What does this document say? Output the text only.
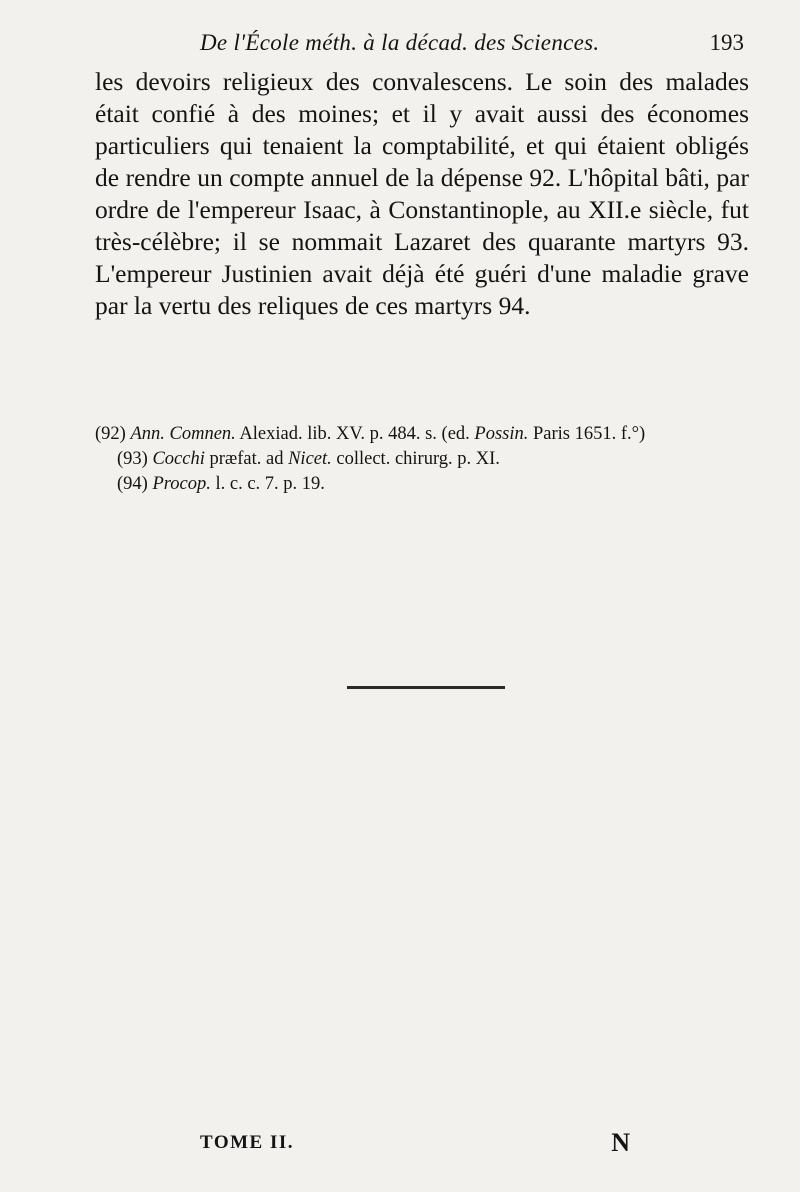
De l'École méth. à la décad. des Sciences.	193

les devoirs religieux des convalescens. Le soin des malades était confié à des moines; et il y avait aussi des économes particuliers qui tenaient la comptabilité, et qui étaient obligés de rendre un compte annuel de la dépense 92. L'hôpital bâti, par ordre de l'empereur Isaac, à Constantinople, au XII.e siècle, fut très-célèbre; il se nommait Lazaret des quarante martyrs 93. L'empereur Justinien avait déjà été guéri d'une maladie grave par la vertu des reliques de ces martyrs 94.

(92) Ann. Comnen. Alexiad. lib. XV. p. 484. s. (ed. Possin. Paris 1651. f.°)

(93) Cocchi præfat. ad Nicet. collect. chirurg. p. XI.

(94) Procop. l. c. c. 7. p. 19.

TOME II.	N
